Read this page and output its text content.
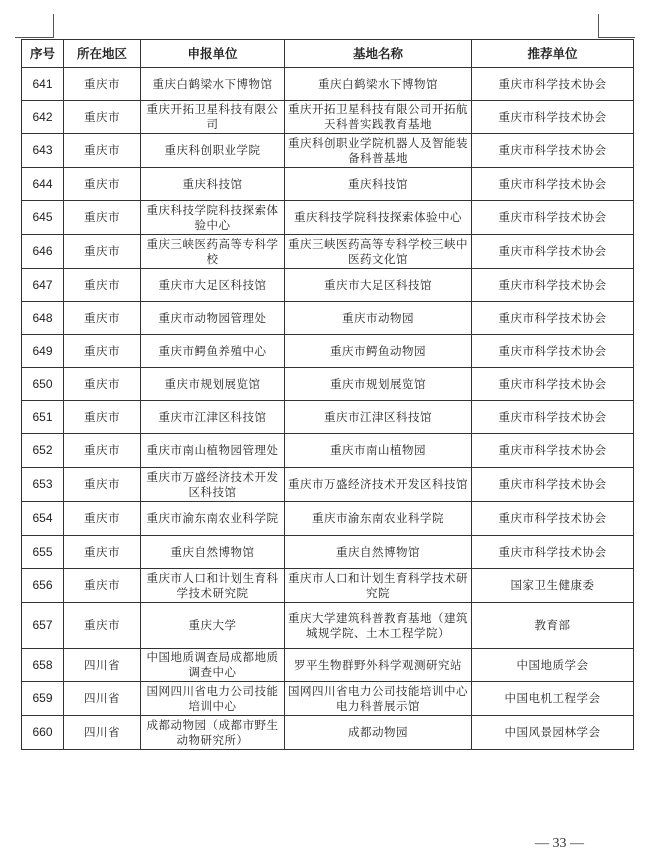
序号	所在地区	申报单位	基地名称	推荐单位
641	重庆市	重庆白鹤梁水下博物馆	重庆白鹤梁水下博物馆	重庆市科学技术协会
642	重庆市	重庆开拓卫星科技有限公司	重庆开拓卫星科技有限公司开拓航天科普实践教育基地	重庆市科学技术协会
643	重庆市	重庆科创职业学院	重庆科创职业学院机器人及智能装备科普基地	重庆市科学技术协会
644	重庆市	重庆科技馆	重庆科技馆	重庆市科学技术协会
645	重庆市	重庆科技学院科技探索体验中心	重庆科技学院科技探索体验中心	重庆市科学技术协会
646	重庆市	重庆三峡医药高等专科学校	重庆三峡医药高等专科学校三峡中医药文化馆	重庆市科学技术协会
647	重庆市	重庆市大足区科技馆	重庆市大足区科技馆	重庆市科学技术协会
648	重庆市	重庆市动物园管理处	重庆市动物园	重庆市科学技术协会
649	重庆市	重庆市鳄鱼养殖中心	重庆市鳄鱼动物园	重庆市科学技术协会
650	重庆市	重庆市规划展览馆	重庆市规划展览馆	重庆市科学技术协会
651	重庆市	重庆市江津区科技馆	重庆市江津区科技馆	重庆市科学技术协会
652	重庆市	重庆市南山植物园管理处	重庆市南山植物园	重庆市科学技术协会
653	重庆市	重庆市万盛经济技术开发区科技馆	重庆市万盛经济技术开发区科技馆	重庆市科学技术协会
654	重庆市	重庆市渝东南农业科学院	重庆市渝东南农业科学院	重庆市科学技术协会
655	重庆市	重庆自然博物馆	重庆自然博物馆	重庆市科学技术协会
656	重庆市	重庆市人口和计划生育科学技术研究院	重庆市人口和计划生育科学技术研究院	国家卫生健康委
657	重庆市	重庆大学	重庆大学建筑科普教育基地（建筑城规学院、土木工程学院）	教育部
658	四川省	中国地质调查局成都地质调查中心	罗平生物群野外科学观测研究站	中国地质学会
659	四川省	国网四川省电力公司技能培训中心	国网四川省电力公司技能培训中心电力科普展示馆	中国电机工程学会
660	四川省	成都动物园（成都市野生动物研究所）	成都动物园	中国风景园林学会
— 33 —
